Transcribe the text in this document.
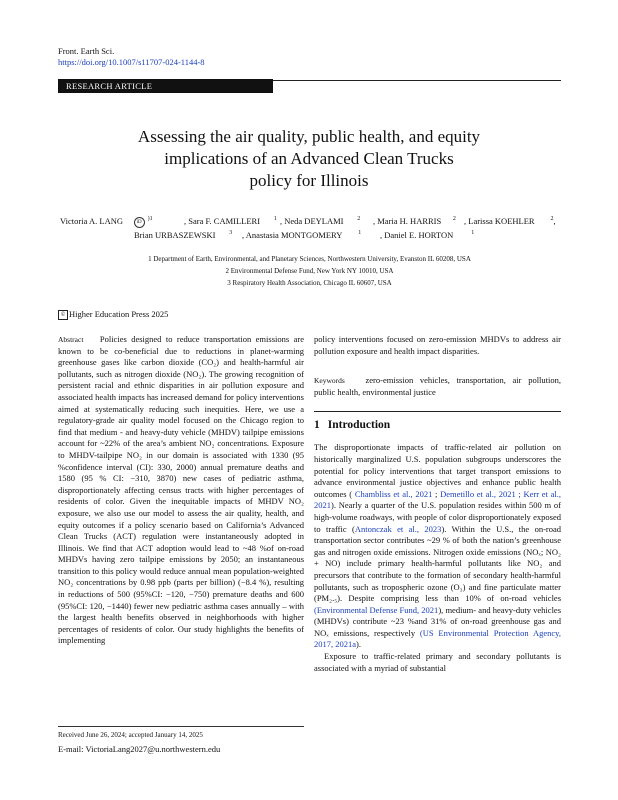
Front. Earth Sci.
https://doi.org/10.1007/s11707-024-1144-8
RESEARCH ARTICLE
Assessing the air quality, public health, and equity
implications of an Advanced Clean Trucks
policy for Illinois
Victoria A. LANG	$iD^{)1}$	, Sara F. CAMILLERI $^1$ , Neda DEYLAMI $^2$ , Maria H. HARRIS $^2$ , Larissa KOEHLER	$^2$,
Brian URBASZEWSKI $^3$ , Anastasia MONTGOMERY	$^1$ , Daniel E. HORTON	$^1$
1 Department of Earth, Environmental, and Planetary Sciences, Northwestern University, Evanston IL 60208, USA
2 Environmental Defense Fund, New York NY 10010, USA
3 Respiratory Health Association, Chicago IL 60607, USA
© Higher Education Press 2025

Abstract Policies designed to reduce transportation emissions are known to be co-beneficial due to reductions in planet-warming greenhouse gases like carbon dioxide (CO₂) and health-harmful air pollutants, such as nitrogen dioxide (NO₂). The growing recognition of persistent racial and ethnic disparities in air pollution exposure and associated health impacts has increased demand for policy interventions aimed at systematically reducing such inequities. Here, we use a regulatory-grade air quality model focused on the Chicago region to find that medium - and heavy-duty vehicle (MHDV) tailpipe emissions account for ~22% of the area’s ambient NO₂ concentrations. Exposure to MHDV-tailpipe NO₂ in our domain is associated with 1330 (95 %confidence interval (CI): 330, 2000) annual premature deaths and 1580 (95 % CI: −310, 3870) new cases of pediatric asthma, disproportionately affecting census tracts with higher percentages of residents of color. Given the inequitable impacts of MHDV NO₂ exposure, we also use our model to assess the air quality, health, and equity outcomes if a policy scenario based on California’s Advanced Clean Trucks (ACT) regulation were instantaneously adopted in Illinois. We find that ACT adoption would lead to ~48 %of on-road MHDVs having zero tailpipe emissions by 2050; an instantaneous transition to this policy would reduce annual mean population-weighted NO₂ concentrations by 0.98 ppb (parts per billion) (−8.4 %), resulting in reductions of 500 (95%CI: −120, −750) premature deaths and 600 (95%CI: 120, −1440) fewer new pediatric asthma cases annually – with the largest health benefits observed in neighborhoods with higher percentages of residents of color. Our study highlights the benefits of implementing

policy interventions focused on zero-emission MHDVs to address air pollution exposure and health impact disparities.

Keywords zero-emission vehicles, transportation, air pollution, public health, environmental justice

1 Introduction

The disproportionate impacts of traffic-related air pollution on historically marginalized U.S. population subgroups underscores the potential for policy interventions that target transport emissions to advance environmental justice objectives and enhance public health outcomes ( Chambliss et al., 2021 ; Demetillo et al., 2021 ; Kerr et al., 2021). Nearly a quarter of the U.S. population resides within 500 m of high-volume roadways, with people of color disproportionately exposed to traffic (Antonczak et al., 2023). Within the U.S., the on-road transportation sector contributes ~29 % of both the nation’s greenhouse gas and nitrogen oxide emissions. Nitrogen oxide emissions (NOₓ; NO₂ + NO) include primary health-harmful pollutants like NO₂ and precursors that contribute to the formation of secondary health-harmful pollutants, such as tropospheric ozone (O₃) and fine particulate matter (PM₂.₅). Despite comprising less than 10% of on-road vehicles (Environmental Defense Fund, 2021), medium- and heavy-duty vehicles (MHDVs) contribute ~23 %and 31% of on-road greenhouse gas and NOₓ emissions, respectively (US Environmental Protection Agency, 2017, 2021a).

Exposure to traffic-related primary and secondary pollutants is associated with a myriad of substantial

Received June 26, 2024; accepted January 14, 2025
E-mail: VictoriaLang2027@u.northwestern.edu
